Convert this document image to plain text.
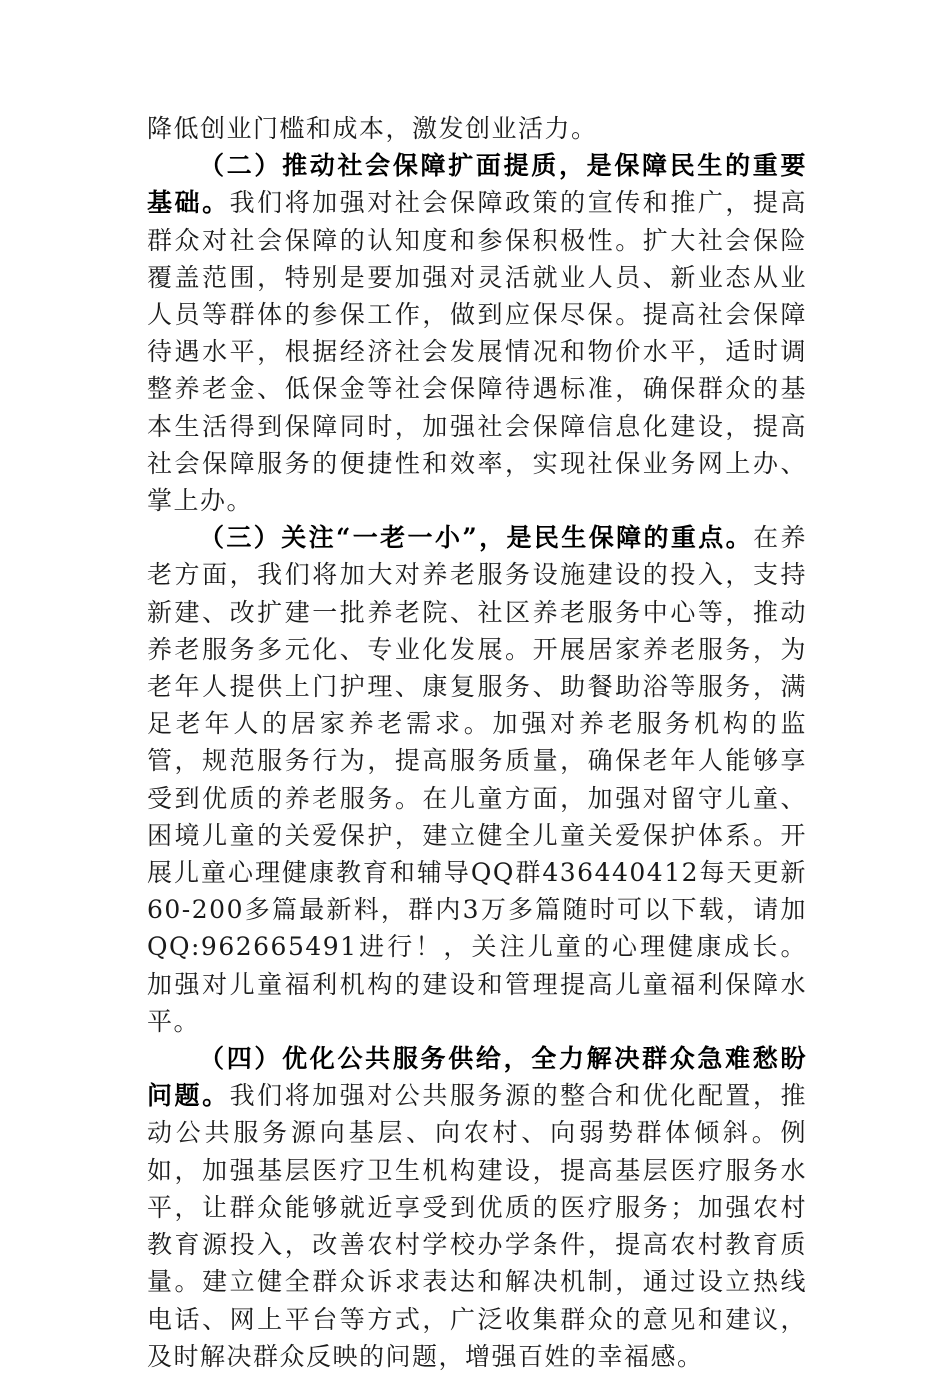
降低创业门槛和成本，激发创业活力。

（二）推动社会保障扩面提质，是保障民生的重要基础。我们将加强对社会保障政策的宣传和推广，提高群众对社会保障的认知度和参保积极性。扩大社会保险覆盖范围，特别是要加强对灵活就业人员、新业态从业人员等群体的参保工作，做到应保尽保。提高社会保障待遇水平，根据经济社会发展情况和物价水平，适时调整养老金、低保金等社会保障待遇标准，确保群众的基本生活得到保障同时，加强社会保障信息化建设，提高社会保障服务的便捷性和效率，实现社保业务网上办、掌上办。

（三）关注“一老一小”，是民生保障的重点。在养老方面，我们将加大对养老服务设施建设的投入，支持新建、改扩建一批养老院、社区养老服务中心等，推动养老服务多元化、专业化发展。开展居家养老服务，为老年人提供上门护理、康复服务、助餐助浴等服务，满足老年人的居家养老需求。加强对养老服务机构的监管，规范服务行为，提高服务质量，确保老年人能够享受到优质的养老服务。在儿童方面，加强对留守儿童、困境儿童的关爱保护，建立健全儿童关爱保护体系。开展儿童心理健康教育和辅导QQ群436440412每天更新60-200多篇最新料，群内3万多篇随时可以下载，请加QQ:962665491进行！，关注儿童的心理健康成长。加强对儿童福利机构的建设和管理提高儿童福利保障水平。

（四）优化公共服务供给，全力解决群众急难愁盼问题。我们将加强对公共服务源的整合和优化配置，推动公共服务源向基层、向农村、向弱势群体倾斜。例如，加强基层医疗卫生机构建设，提高基层医疗服务水平，让群众能够就近享受到优质的医疗服务；加强农村教育源投入，改善农村学校办学条件，提高农村教育质量。建立健全群众诉求表达和解决机制，通过设立热线电话、网上平台等方式，广泛收集群众的意见和建议，及时解决群众反映的问题，增强百姓的幸福感。
